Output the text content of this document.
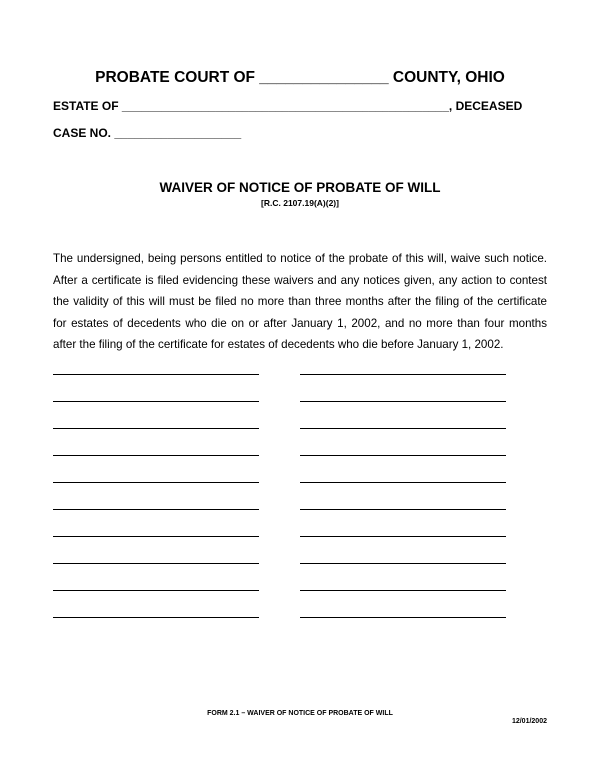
PROBATE COURT OF _______________ COUNTY, OHIO
ESTATE OF _________________________________________________, DECEASED
CASE NO. ___________________
WAIVER OF NOTICE OF PROBATE OF WILL
[R.C. 2107.19(A)(2)]
The undersigned, being persons entitled to notice of the probate of this will, waive such notice.
After a certificate is filed evidencing these waivers and any notices given, any action to contest
the validity of this will must be filed no more than three months after the filing of the certificate
for estates of decedents who die on or after January 1, 2002, and no more than four months
after the filing of the certificate for estates of decedents who die before January 1, 2002.
FORM 2.1 – WAIVER OF NOTICE OF PROBATE OF WILL
12/01/2002
